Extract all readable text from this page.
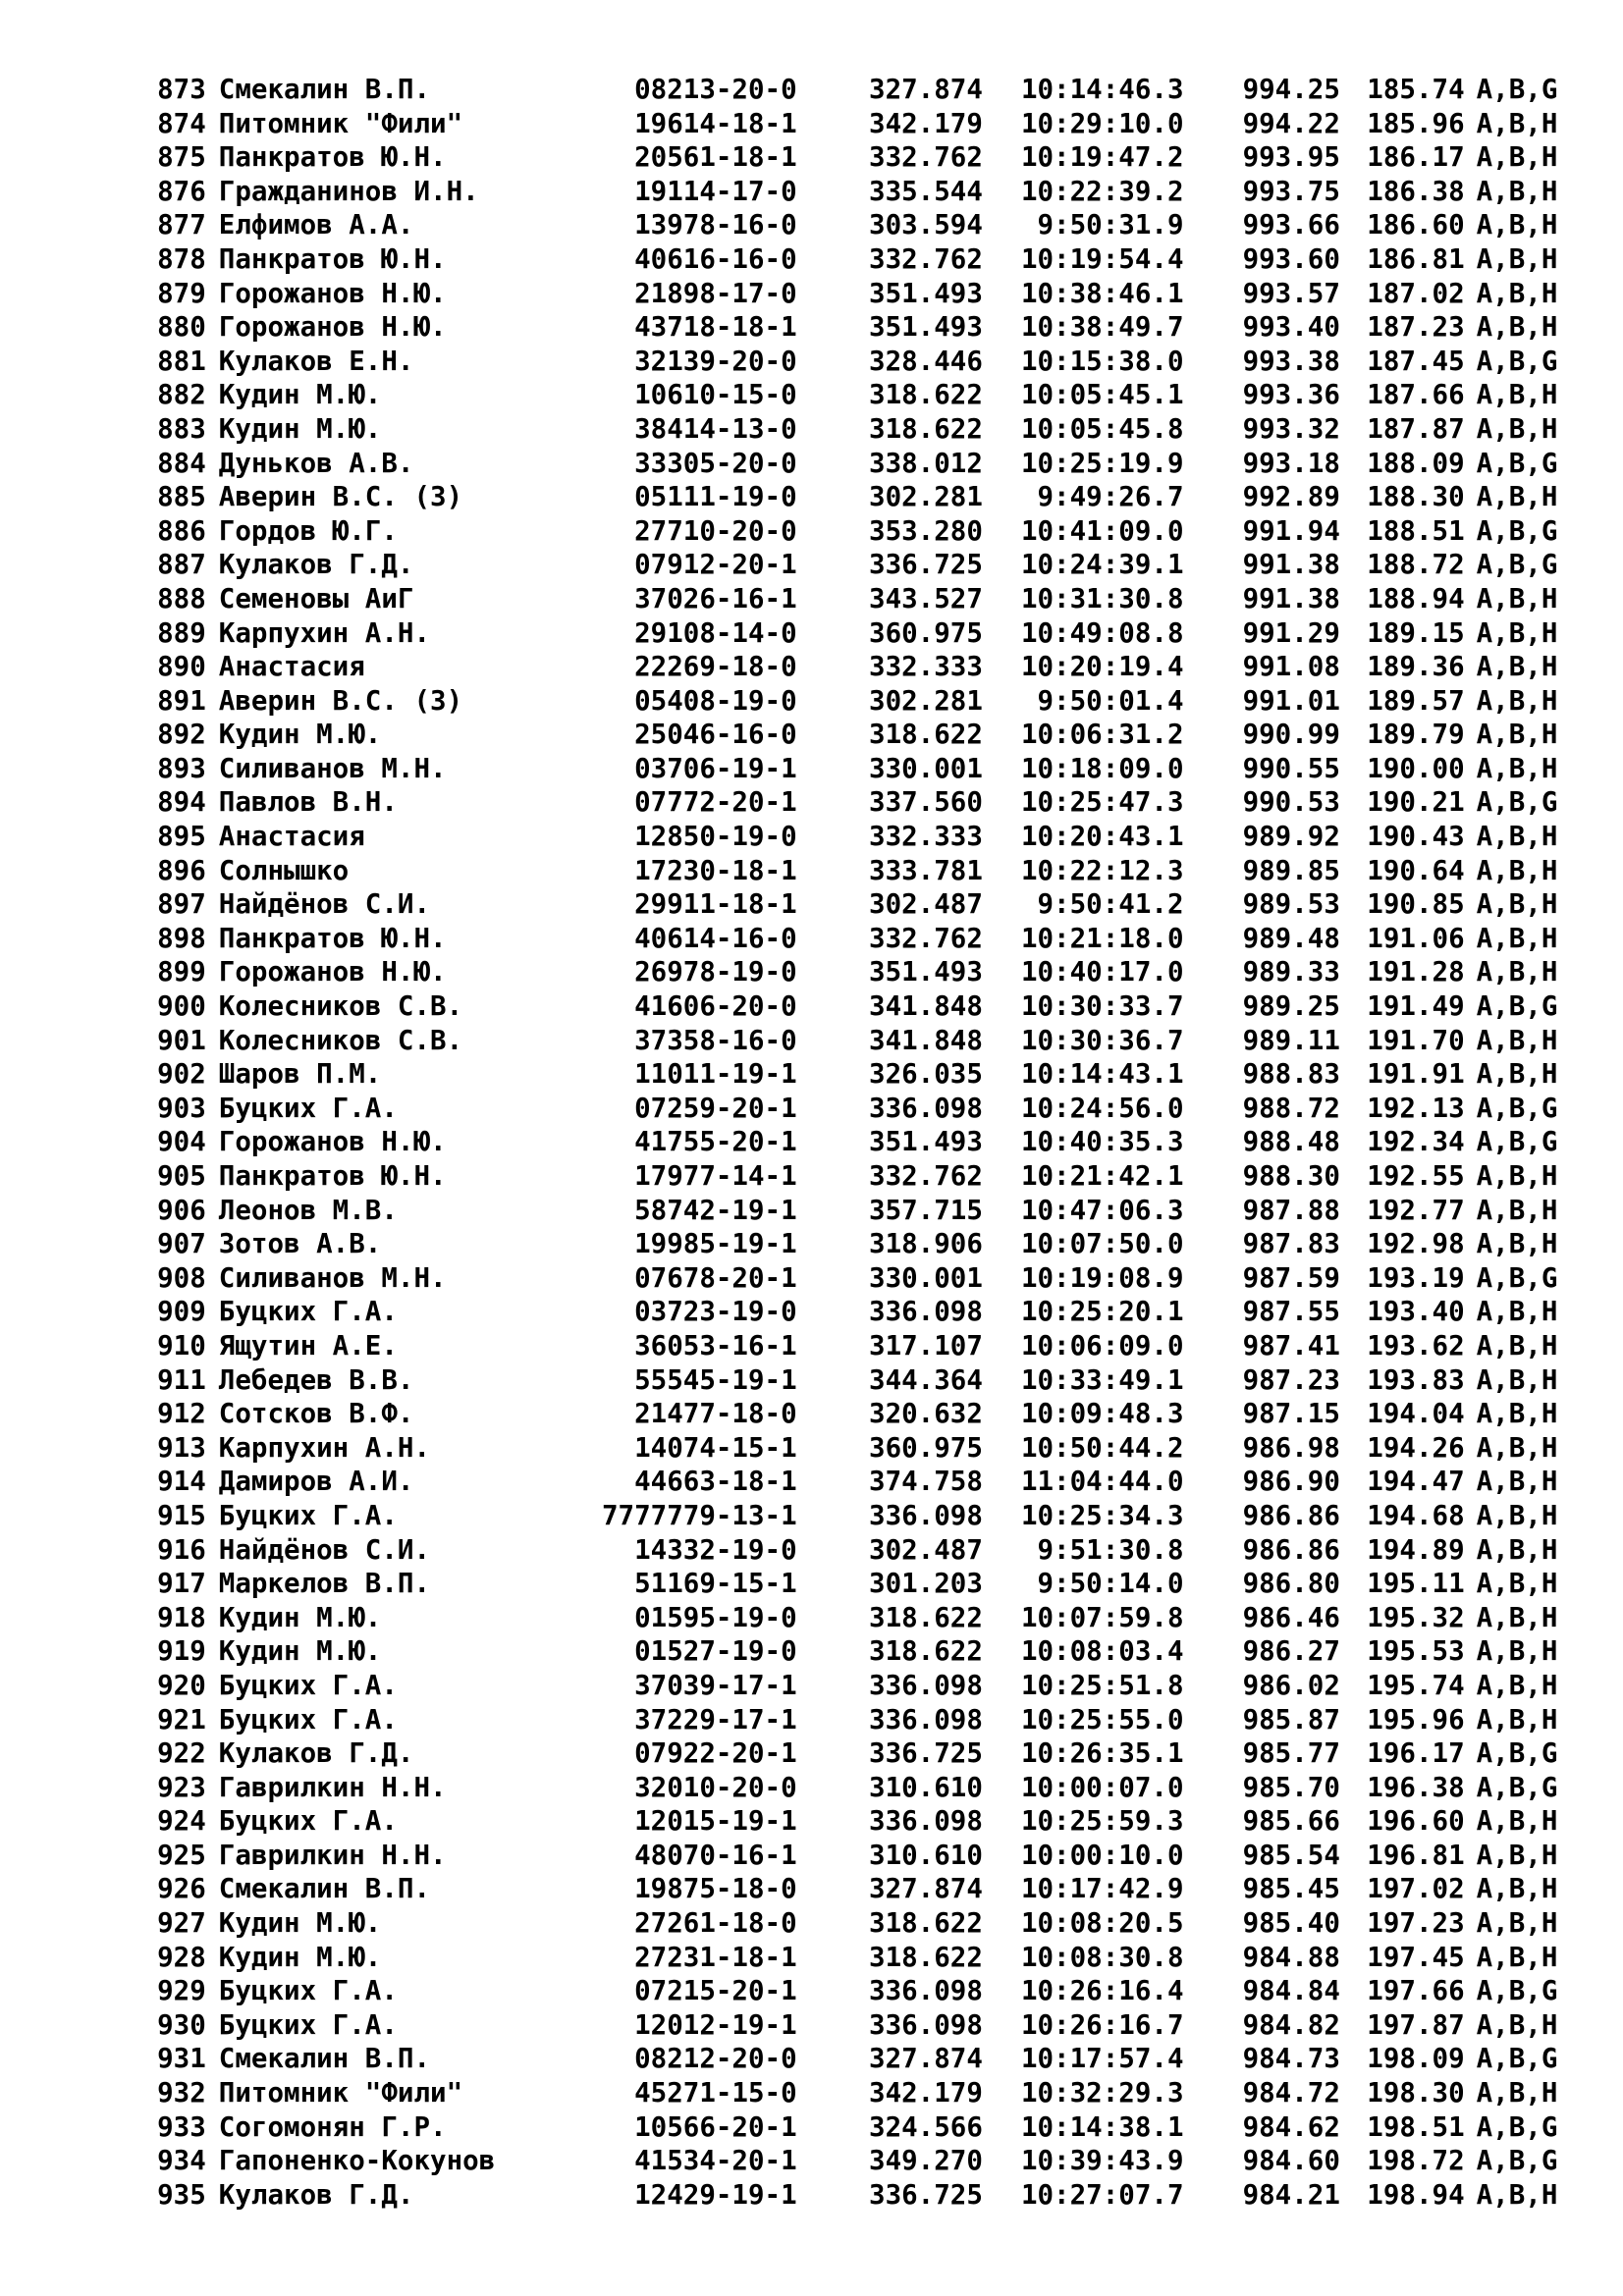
873	Смекалин В.П.	08213-20-0	327.874	10:14:46.3	994.25	185.74	A,B,G
874	Питомник "Фили"	19614-18-1	342.179	10:29:10.0	994.22	185.96	A,B,H
875	Панкратов Ю.Н.	20561-18-1	332.762	10:19:47.2	993.95	186.17	A,B,H
876	Гражданинов И.Н.	19114-17-0	335.544	10:22:39.2	993.75	186.38	A,B,H
877	Елфимов А.А.	13978-16-0	303.594	9:50:31.9	993.66	186.60	A,B,H
878	Панкратов Ю.Н.	40616-16-0	332.762	10:19:54.4	993.60	186.81	A,B,H
879	Горожанов Н.Ю.	21898-17-0	351.493	10:38:46.1	993.57	187.02	A,B,H
880	Горожанов Н.Ю.	43718-18-1	351.493	10:38:49.7	993.40	187.23	A,B,H
881	Кулаков Е.Н.	32139-20-0	328.446	10:15:38.0	993.38	187.45	A,B,G
882	Кудин М.Ю.	10610-15-0	318.622	10:05:45.1	993.36	187.66	A,B,H
883	Кудин М.Ю.	38414-13-0	318.622	10:05:45.8	993.32	187.87	A,B,H
884	Дуньков А.В.	33305-20-0	338.012	10:25:19.9	993.18	188.09	A,B,G
885	Аверин В.С. (З)	05111-19-0	302.281	9:49:26.7	992.89	188.30	A,B,H
886	Гордов Ю.Г.	27710-20-0	353.280	10:41:09.0	991.94	188.51	A,B,G
887	Кулаков Г.Д.	07912-20-1	336.725	10:24:39.1	991.38	188.72	A,B,G
888	Семеновы АиГ	37026-16-1	343.527	10:31:30.8	991.38	188.94	A,B,H
889	Карпухин А.Н.	29108-14-0	360.975	10:49:08.8	991.29	189.15	A,B,H
890	Анастасия	22269-18-0	332.333	10:20:19.4	991.08	189.36	A,B,H
891	Аверин В.С. (З)	05408-19-0	302.281	9:50:01.4	991.01	189.57	A,B,H
892	Кудин М.Ю.	25046-16-0	318.622	10:06:31.2	990.99	189.79	A,B,H
893	Силиванов М.Н.	03706-19-1	330.001	10:18:09.0	990.55	190.00	A,B,H
894	Павлов В.Н.	07772-20-1	337.560	10:25:47.3	990.53	190.21	A,B,G
895	Анастасия	12850-19-0	332.333	10:20:43.1	989.92	190.43	A,B,H
896	Солнышко	17230-18-1	333.781	10:22:12.3	989.85	190.64	A,B,H
897	Найдёнов С.И.	29911-18-1	302.487	9:50:41.2	989.53	190.85	A,B,H
898	Панкратов Ю.Н.	40614-16-0	332.762	10:21:18.0	989.48	191.06	A,B,H
899	Горожанов Н.Ю.	26978-19-0	351.493	10:40:17.0	989.33	191.28	A,B,H
900	Колесников С.В.	41606-20-0	341.848	10:30:33.7	989.25	191.49	A,B,G
901	Колесников С.В.	37358-16-0	341.848	10:30:36.7	989.11	191.70	A,B,H
902	Шаров П.М.	11011-19-1	326.035	10:14:43.1	988.83	191.91	A,B,H
903	Буцких Г.А.	07259-20-1	336.098	10:24:56.0	988.72	192.13	A,B,G
904	Горожанов Н.Ю.	41755-20-1	351.493	10:40:35.3	988.48	192.34	A,B,G
905	Панкратов Ю.Н.	17977-14-1	332.762	10:21:42.1	988.30	192.55	A,B,H
906	Леонов М.В.	58742-19-1	357.715	10:47:06.3	987.88	192.77	A,B,H
907	Зотов А.В.	19985-19-1	318.906	10:07:50.0	987.83	192.98	A,B,H
908	Силиванов М.Н.	07678-20-1	330.001	10:19:08.9	987.59	193.19	A,B,G
909	Буцких Г.А.	03723-19-0	336.098	10:25:20.1	987.55	193.40	A,B,H
910	Ящутин А.Е.	36053-16-1	317.107	10:06:09.0	987.41	193.62	A,B,H
911	Лебедев В.В.	55545-19-1	344.364	10:33:49.1	987.23	193.83	A,B,H
912	Сотсков В.Ф.	21477-18-0	320.632	10:09:48.3	987.15	194.04	A,B,H
913	Карпухин А.Н.	14074-15-1	360.975	10:50:44.2	986.98	194.26	A,B,H
914	Дамиров А.И.	44663-18-1	374.758	11:04:44.0	986.90	194.47	A,B,H
915	Буцких Г.А.	7777779-13-1	336.098	10:25:34.3	986.86	194.68	A,B,H
916	Найдёнов С.И.	14332-19-0	302.487	9:51:30.8	986.86	194.89	A,B,H
917	Маркелов В.П.	51169-15-1	301.203	9:50:14.0	986.80	195.11	A,B,H
918	Кудин М.Ю.	01595-19-0	318.622	10:07:59.8	986.46	195.32	A,B,H
919	Кудин М.Ю.	01527-19-0	318.622	10:08:03.4	986.27	195.53	A,B,H
920	Буцких Г.А.	37039-17-1	336.098	10:25:51.8	986.02	195.74	A,B,H
921	Буцких Г.А.	37229-17-1	336.098	10:25:55.0	985.87	195.96	A,B,H
922	Кулаков Г.Д.	07922-20-1	336.725	10:26:35.1	985.77	196.17	A,B,G
923	Гаврилкин Н.Н.	32010-20-0	310.610	10:00:07.0	985.70	196.38	A,B,G
924	Буцких Г.А.	12015-19-1	336.098	10:25:59.3	985.66	196.60	A,B,H
925	Гаврилкин Н.Н.	48070-16-1	310.610	10:00:10.0	985.54	196.81	A,B,H
926	Смекалин В.П.	19875-18-0	327.874	10:17:42.9	985.45	197.02	A,B,H
927	Кудин М.Ю.	27261-18-0	318.622	10:08:20.5	985.40	197.23	A,B,H
928	Кудин М.Ю.	27231-18-1	318.622	10:08:30.8	984.88	197.45	A,B,H
929	Буцких Г.А.	07215-20-1	336.098	10:26:16.4	984.84	197.66	A,B,G
930	Буцких Г.А.	12012-19-1	336.098	10:26:16.7	984.82	197.87	A,B,H
931	Смекалин В.П.	08212-20-0	327.874	10:17:57.4	984.73	198.09	A,B,G
932	Питомник "Фили"	45271-15-0	342.179	10:32:29.3	984.72	198.30	A,B,H
933	Согомонян Г.Р.	10566-20-1	324.566	10:14:38.1	984.62	198.51	A,B,G
934	Гапоненко-Кокунов	41534-20-1	349.270	10:39:43.9	984.60	198.72	A,B,G
935	Кулаков Г.Д.	12429-19-1	336.725	10:27:07.7	984.21	198.94	A,B,H
